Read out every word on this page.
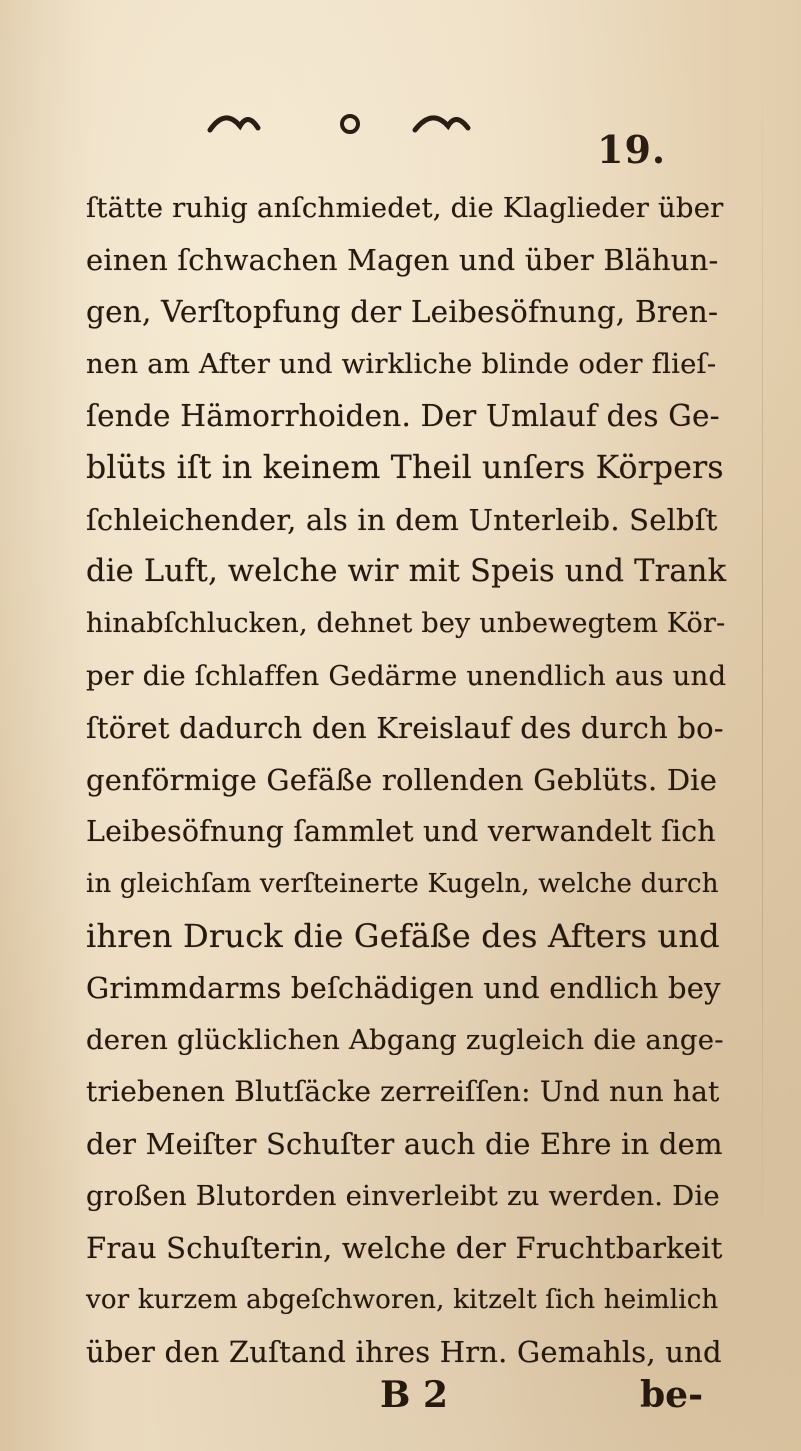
19.
ſtätte ruhig anſchmiedet, die Klaglieder über
einen ſchwachen Magen und über Blähun-
gen, Verſtopfung der Leibesöfnung, Bren-
nen am After und wirkliche blinde oder flieſ-
ſende Hämorrhoiden. Der Umlauf des Ge-
blüts iſt in keinem Theil unſers Körpers
ſchleichender, als in dem Unterleib. Selbſt
die Luft, welche wir mit Speis und Trank
hinabſchlucken, dehnet bey unbewegtem Kör-
per die ſchlaffen Gedärme unendlich aus und
ſtöret dadurch den Kreislauf des durch bo-
genförmige Gefäße rollenden Geblüts. Die
Leibesöfnung ſammlet und verwandelt ſich
in gleichſam verſteinerte Kugeln, welche durch
ihren Druck die Gefäße des Afters und
Grimmdarms beſchädigen und endlich bey
deren glücklichen Abgang zugleich die ange-
triebenen Blutſäcke zerreiſſen: Und nun hat
der Meiſter Schuſter auch die Ehre in dem
großen Blutorden einverleibt zu werden. Die
Frau Schuſterin, welche der Fruchtbarkeit
vor kurzem abgeſchworen, kitzelt ſich heimlich
über den Zuſtand ihres Hrn. Gemahls, und
B 2	be-
